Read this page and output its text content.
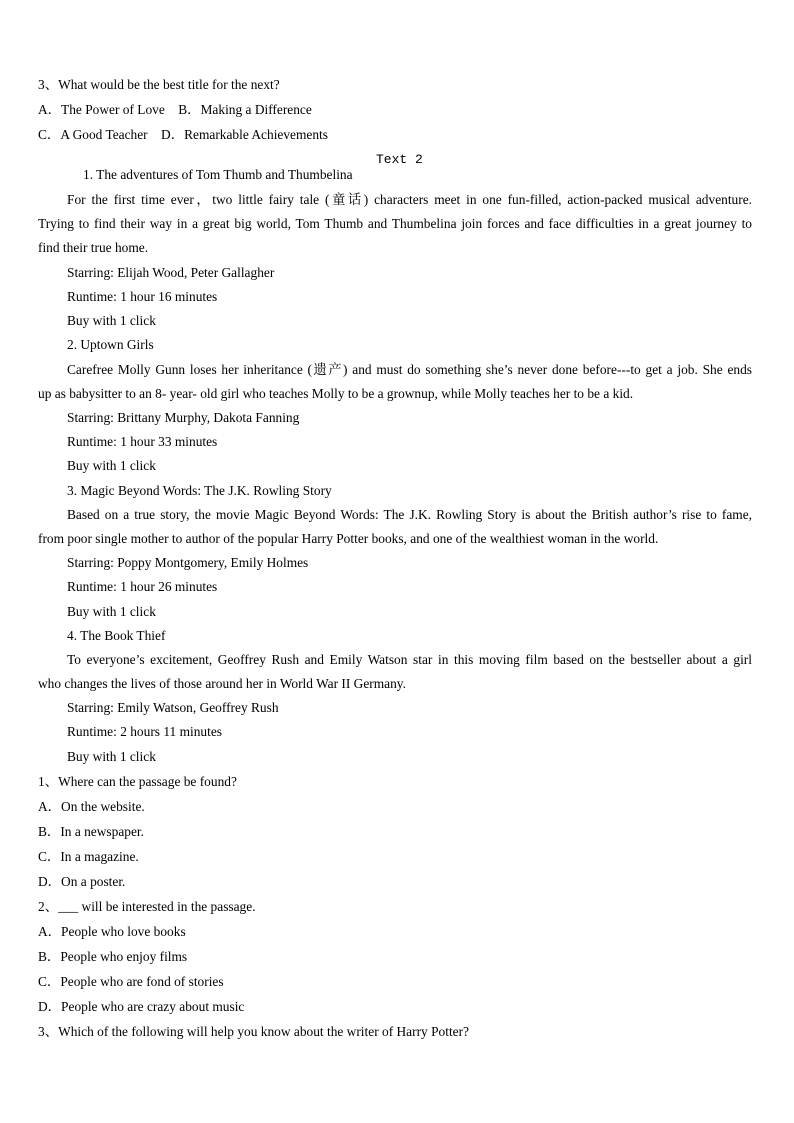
3、What would be the best title for the next?
A．The Power of Love　B．Making a Difference
C．A Good Teacher　D．Remarkable Achievements
Text 2
1. The adventures of Tom Thumb and Thumbelina
For the first time ever，two little fairy tale (童话) characters meet in one fun-filled, action-packed musical adventure.
Trying to find their way in a great big world, Tom Thumb and Thumbelina join forces and face difficulties in a great journey to
find their true home.
Starring: Elijah Wood, Peter Gallagher
Runtime: 1 hour 16 minutes
Buy with 1 click
2. Uptown Girls
Carefree Molly Gunn loses her inheritance (遗产) and must do something she’s never done before---to get a job. She ends
up as babysitter to an 8- year- old girl who teaches Molly to be a grownup, while Molly teaches her to be a kid.
Starring: Brittany Murphy, Dakota Fanning
Runtime: 1 hour 33 minutes
Buy with 1 click
3. Magic Beyond Words: The J.K. Rowling Story
Based on a true story, the movie Magic Beyond Words: The J.K. Rowling Story is about the British author’s rise to fame,
from poor single mother to author of the popular Harry Potter books, and one of the wealthiest woman in the world.
Starring: Poppy Montgomery, Emily Holmes
Runtime: 1 hour 26 minutes
Buy with 1 click
4. The Book Thief
To everyone’s excitement, Geoffrey Rush and Emily Watson star in this moving film based on the bestseller about a girl
who changes the lives of those around her in World War II Germany.
Starring: Emily Watson, Geoffrey Rush
Runtime: 2 hours 11 minutes
Buy with 1 click
1、Where can the passage be found?
A．On the website.
B．In a newspaper.
C．In a magazine.
D．On a poster.
2、___ will be interested in the passage.
A．People who love books
B．People who enjoy films
C．People who are fond of stories
D．People who are crazy about music
3、Which of the following will help you know about the writer of Harry Potter?
